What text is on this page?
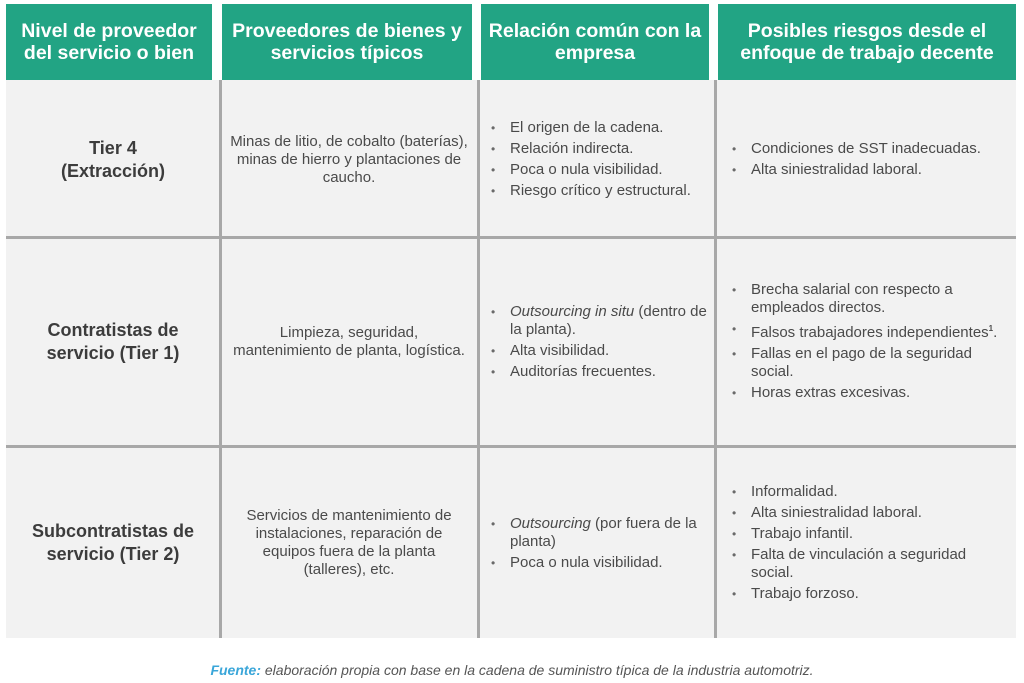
Nivel de proveedor del servicio o bien
Proveedores de bienes y servicios típicos
Relación común con la empresa
Posibles riesgos desde el enfoque de trabajo decente
Tier 4 (Extracción)
Minas de litio, de cobalto (baterías), minas de hierro y plantaciones de caucho.
• El origen de la cadena.
• Relación indirecta.
• Poca o nula visibilidad.
• Riesgo crítico y estructural.
• Condiciones de SST inadecuadas.
• Alta siniestralidad laboral.
Contratistas de servicio (Tier 1)
Limpieza, seguridad, mantenimiento de planta, logística.
• Outsourcing in situ (dentro de la planta).
• Alta visibilidad.
• Auditorías frecuentes.
• Brecha salarial con respecto a empleados directos.
• Falsos trabajadores independientes$^1$.
• Fallas en el pago de la seguridad social.
• Horas extras excesivas.
Subcontratistas de servicio (Tier 2)
Servicios de mantenimiento de instalaciones, reparación de equipos fuera de la planta (talleres), etc.
• Outsourcing (por fuera de la planta)
• Poca o nula visibilidad.
• Informalidad.
• Alta siniestralidad laboral.
• Trabajo infantil.
• Falta de vinculación a seguridad social.
• Trabajo forzoso.
Fuente: elaboración propia con base en la cadena de suministro típica de la industria automotriz.
